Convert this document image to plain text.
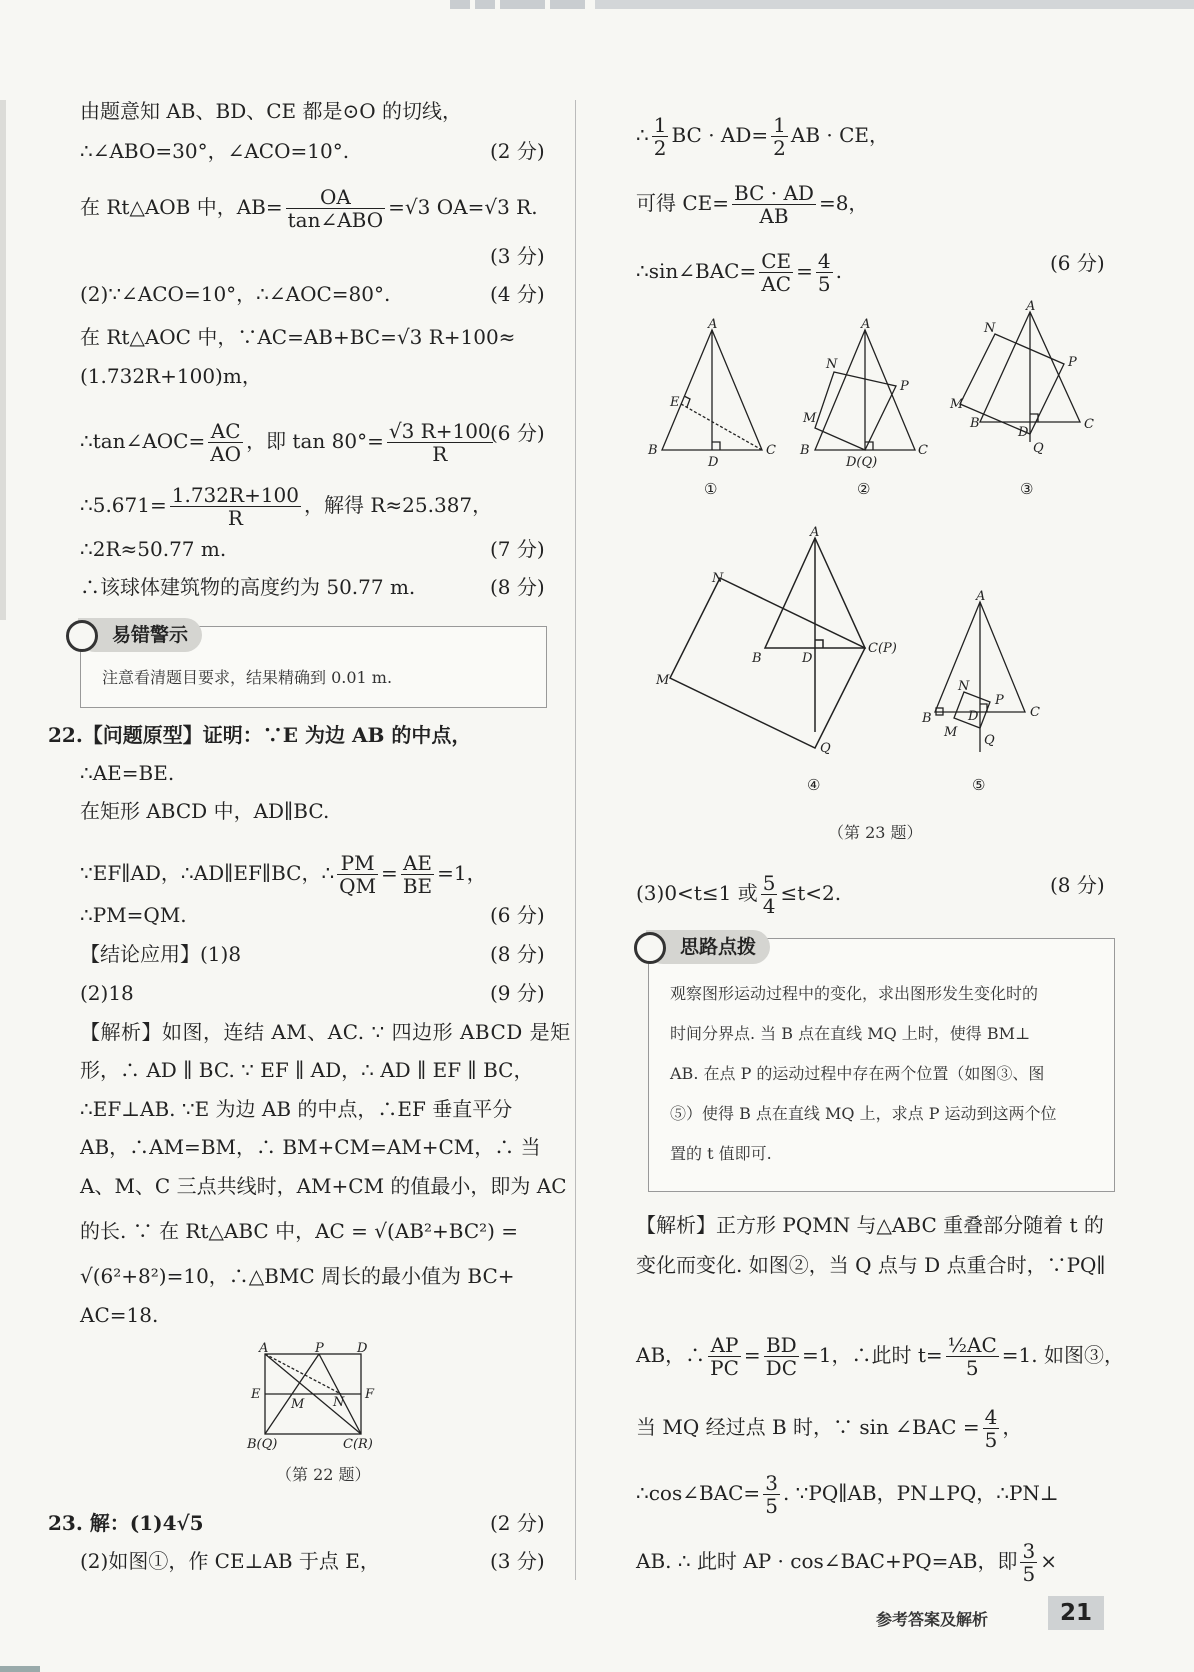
由题意知 AB、BD、CE 都是⊙O 的切线，
∴∠ABO=30°，∠ACO=10°.	(2 分)
在 Rt△AOB 中，$AB= \frac{OA}{\text{tan∠ABO}} =√3$ OA=√3 R.
(3 分)
(2)∵∠ACO=10°，∴∠AOC=80°.	(4 分)
在 Rt△AOC 中，∵AC=AB+BC=√3 R+100≈
(1.732R+100)m，
∴tan∠AOC= $\frac{AC}{AO}$ ，即 $\tan 80^\circ= \frac{√3 R+100}{R}$
(6 分)
∴5.671= $\frac{1.732R+100}{R}$ ，解得 R≈25.387，
∴2R≈50.77 m.	(7 分)
∴该球体建筑物的高度约为 50.77 m.	(8 分)
易错警示
注意看清题目要求，结果精确到 0.01 m.
22.【问题原型】证明：∵E 为边 AB 的中点，
∴AE=BE.
在矩形 ABCD 中，AD∥BC.
∵EF∥AD，∴AD∥EF∥BC，∴ $\frac{PM}{QM} = \frac{AE}{BE} =1$，
∴PM=QM.	(6 分)
【结论应用】(1)8	(8 分)
(2)18	(9 分)
【解析】如图，连结 AM、AC. ∵ 四边形 ABCD 是矩
形，∴ AD ∥ BC. ∵ EF ∥ AD，∴ AD ∥ EF ∥ BC，
∴EF⊥AB. ∵E 为边 AB 的中点，∴EF 垂直平分
AB，∴AM=BM，∴ BM+CM=AM+CM，∴ 当
A、M、C 三点共线时，AM+CM 的值最小，即为 AC
的长. ∵ 在 Rt△ABC 中，AC = √(AB²+BC²) =
√(6²+8²)=10，∴△BMC 周长的最小值为 BC+
AC=18.
A	P	D
E	F
M N
B(Q)	C(R)
（第 22 题）
23. 解：(1)4√5	(2 分)
(2)如图①，作 CE⊥AB 于点 E，	(3 分)
∴ $\frac{1}{2}$ BC · $AD= \frac{1}{2}$ AB · CE，
可得 $CE= \frac{BC \cdot AD}{AB} =8$，
∴sin∠BAC= $\frac{CE}{AC} = \frac{4}{5}$ .	(6 分)
A
B	C
D
E
①
A
B	C
N
P
M
D(Q)
②
A
B	C
N
P
M
D
Q
③
A
B
C(P)
N
M
D
Q
④
A
B	C
N
P
M
D
Q
⑤
（第 23 题）
(3)0<t≤1 或 $\frac{5}{4} \le t<2$.	(8 分)
思路点拨
观察图形运动过程中的变化，求出图形发生变化时的
时间分界点. 当 B 点在直线 MQ 上时，使得 BM⊥
AB. 在点 P 的运动过程中存在两个位置（如图③、图
⑤）使得 B 点在直线 MQ 上，求点 P 运动到这两个位
置的 t 值即可.
【解析】正方形 PQMN 与△ABC 重叠部分随着 t 的
变化而变化. 如图②，当 Q 点与 D 点重合时，∵PQ∥
AB，∴ $\frac{AP}{PC} = \frac{BD}{DC} =1$，∴此时 $t= \frac{\text{½AC}}{5} =1$. 如图③，
当 MQ 经过点 B 时，∵ sin ∠BAC = $\frac{4}{5}$ ，
∴cos∠BAC= $\frac{3}{5}$ . ∵PQ∥AB，PN⊥PQ，∴PN⊥
AB. ∴ 此时 AP · cos∠BAC+PQ=AB，即 $\frac{3}{5}$ ×
参考答案及解析	21
